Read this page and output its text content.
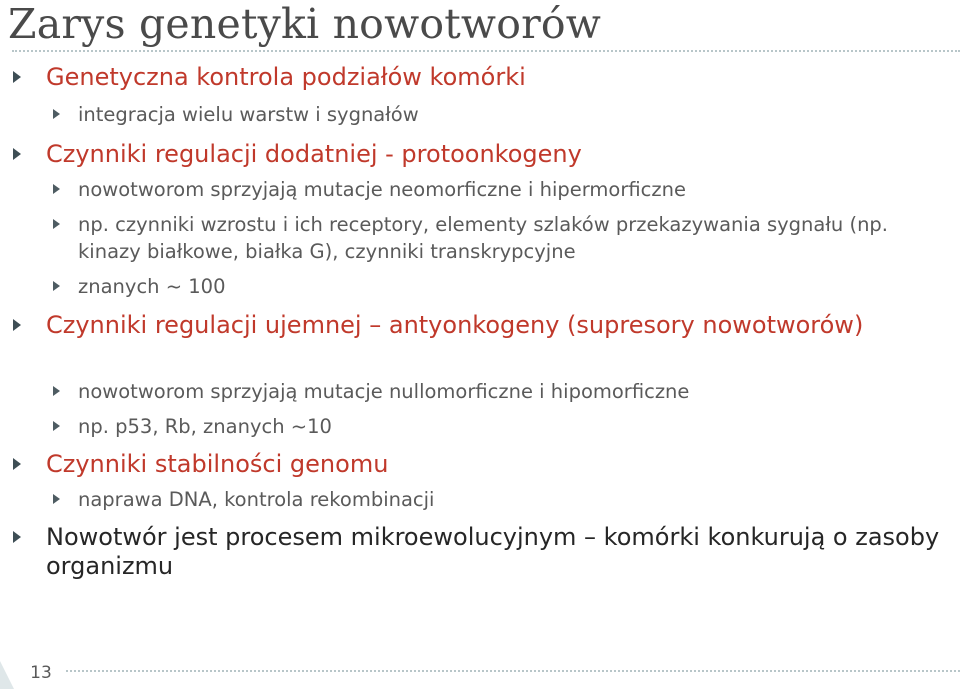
Zarys genetyki nowotworów
Genetyczna kontrola podziałów komórki
integracja wielu warstw i sygnałów
Czynniki regulacji dodatniej - protoonkogeny
nowotworom sprzyjają mutacje neomorficzne i hipermorficzne
np. czynniki wzrostu i ich receptory, elementy szlaków przekazywania sygnału (np. kinazy białkowe, białka G), czynniki transkrypcyjne
znanych ~ 100
Czynniki regulacji ujemnej – antyonkogeny (supresory nowotworów)
nowotworom sprzyjają mutacje nullomorficzne i hipomorficzne
np. p53, Rb, znanych ~10
Czynniki stabilności genomu
naprawa DNA, kontrola rekombinacji
Nowotwór jest procesem mikroewolucyjnym – komórki konkurują o zasoby organizmu
13
